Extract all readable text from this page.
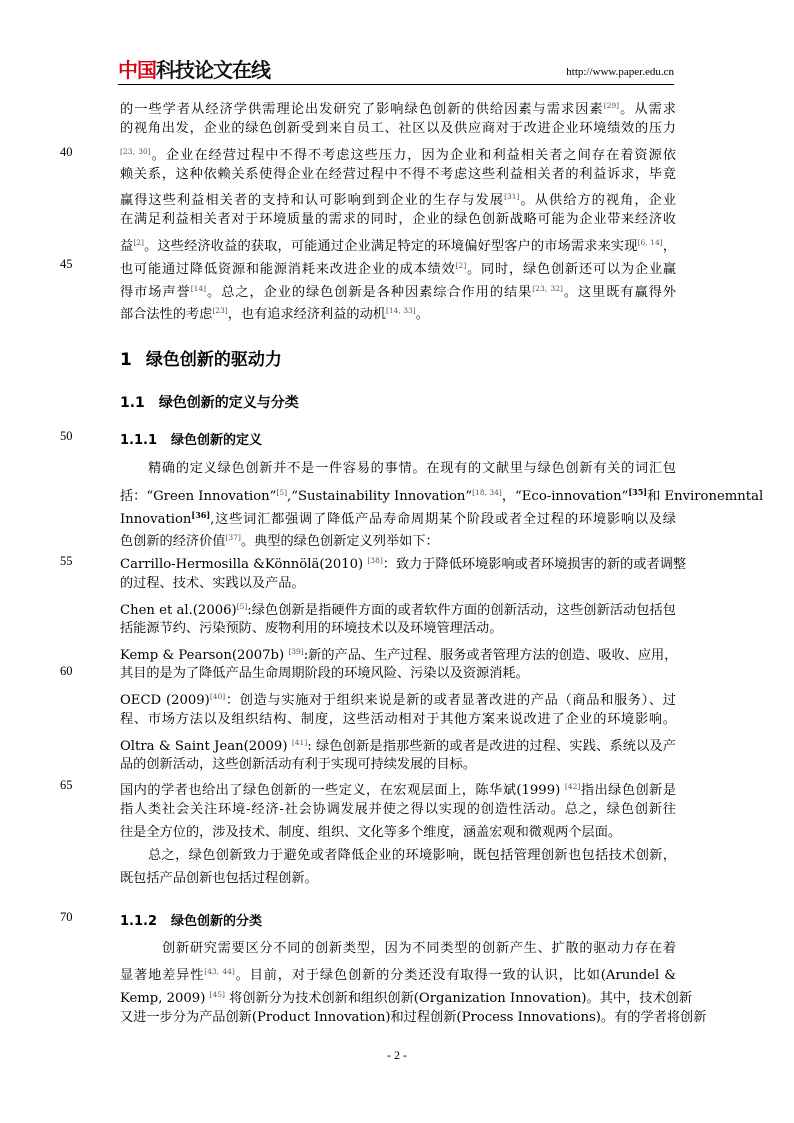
中国科技论文在线	http://www.paper.edu.cn
40
45
50
55
60
65
70
的一些学者从经济学供需理论出发研究了影响绿色创新的供给因素与需求因素[29]。从需求
的视角出发，企业的绿色创新受到来自员工、社区以及供应商对于改进企业环境绩效的压力
[23, 30]。企业在经营过程中不得不考虑这些压力，因为企业和利益相关者之间存在着资源依
赖关系，这种依赖关系使得企业在经营过程中不得不考虑这些利益相关者的利益诉求，毕竟
赢得这些利益相关者的支持和认可影响到到企业的生存与发展[31]。从供给方的视角，企业
在满足利益相关者对于环境质量的需求的同时，企业的绿色创新战略可能为企业带来经济收
益[2]。这些经济收益的获取，可能通过企业满足特定的环境偏好型客户的市场需求来实现[6, 14]，
也可能通过降低资源和能源消耗来改进企业的成本绩效[2]。同时，绿色创新还可以为企业赢
得市场声誉[14]。总之，企业的绿色创新是各种因素综合作用的结果[23, 32]。这里既有赢得外
部合法性的考虑[23]，也有追求经济利益的动机[14, 33]。
1 绿色创新的驱动力
1.1 绿色创新的定义与分类
1.1.1 绿色创新的定义
精确的定义绿色创新并不是一件容易的事情。在现有的文献里与绿色创新有关的词汇包
括：“Green Innovation”[5],“Sustainability Innovation”[18, 34]，“Eco-innovation”[35]和 Environemntal
Innovation[36],这些词汇都强调了降低产品寿命周期某个阶段或者全过程的环境影响以及绿
色创新的经济价值[37]。典型的绿色创新定义列举如下：
Carrillo-Hermosilla &Könnölä(2010) [38]：致力于降低环境影响或者环境损害的新的或者调整
的过程、技术、实践以及产品。
Chen et al.(2006)[5]:绿色创新是指硬件方面的或者软件方面的创新活动，这些创新活动包括包
括能源节约、污染预防、废物利用的环境技术以及环境管理活动。
Kemp & Pearson(2007b) [39]:新的产品、生产过程、服务或者管理方法的创造、吸收、应用，
其目的是为了降低产品生命周期阶段的环境风险、污染以及资源消耗。
OECD (2009)[40]：创造与实施对于组织来说是新的或者显著改进的产品（商品和服务）、过
程、市场方法以及组织结构、制度，这些活动相对于其他方案来说改进了企业的环境影响。
Oltra & Saint Jean(2009) [41]: 绿色创新是指那些新的或者是改进的过程、实践、系统以及产
品的创新活动，这些创新活动有利于实现可持续发展的目标。
国内的学者也给出了绿色创新的一些定义，在宏观层面上，陈华斌(1999) [42]指出绿色创新是
指人类社会关注环境-经济-社会协调发展并使之得以实现的创造性活动。总之，绿色创新往
往是全方位的，涉及技术、制度、组织、文化等多个维度，涵盖宏观和微观两个层面。
总之，绿色创新致力于避免或者降低企业的环境影响，既包括管理创新也包括技术创新，
既包括产品创新也包括过程创新。
1.1.2 绿色创新的分类
创新研究需要区分不同的创新类型，因为不同类型的创新产生、扩散的驱动力存在着
显著地差异性[43, 44]。目前，对于绿色创新的分类还没有取得一致的认识，比如(Arundel &
Kemp, 2009) [45] 将创新分为技术创新和组织创新(Organization Innovation)。其中，技术创新
又进一步分为产品创新(Product Innovation)和过程创新(Process Innovations)。有的学者将创新
- 2 -
